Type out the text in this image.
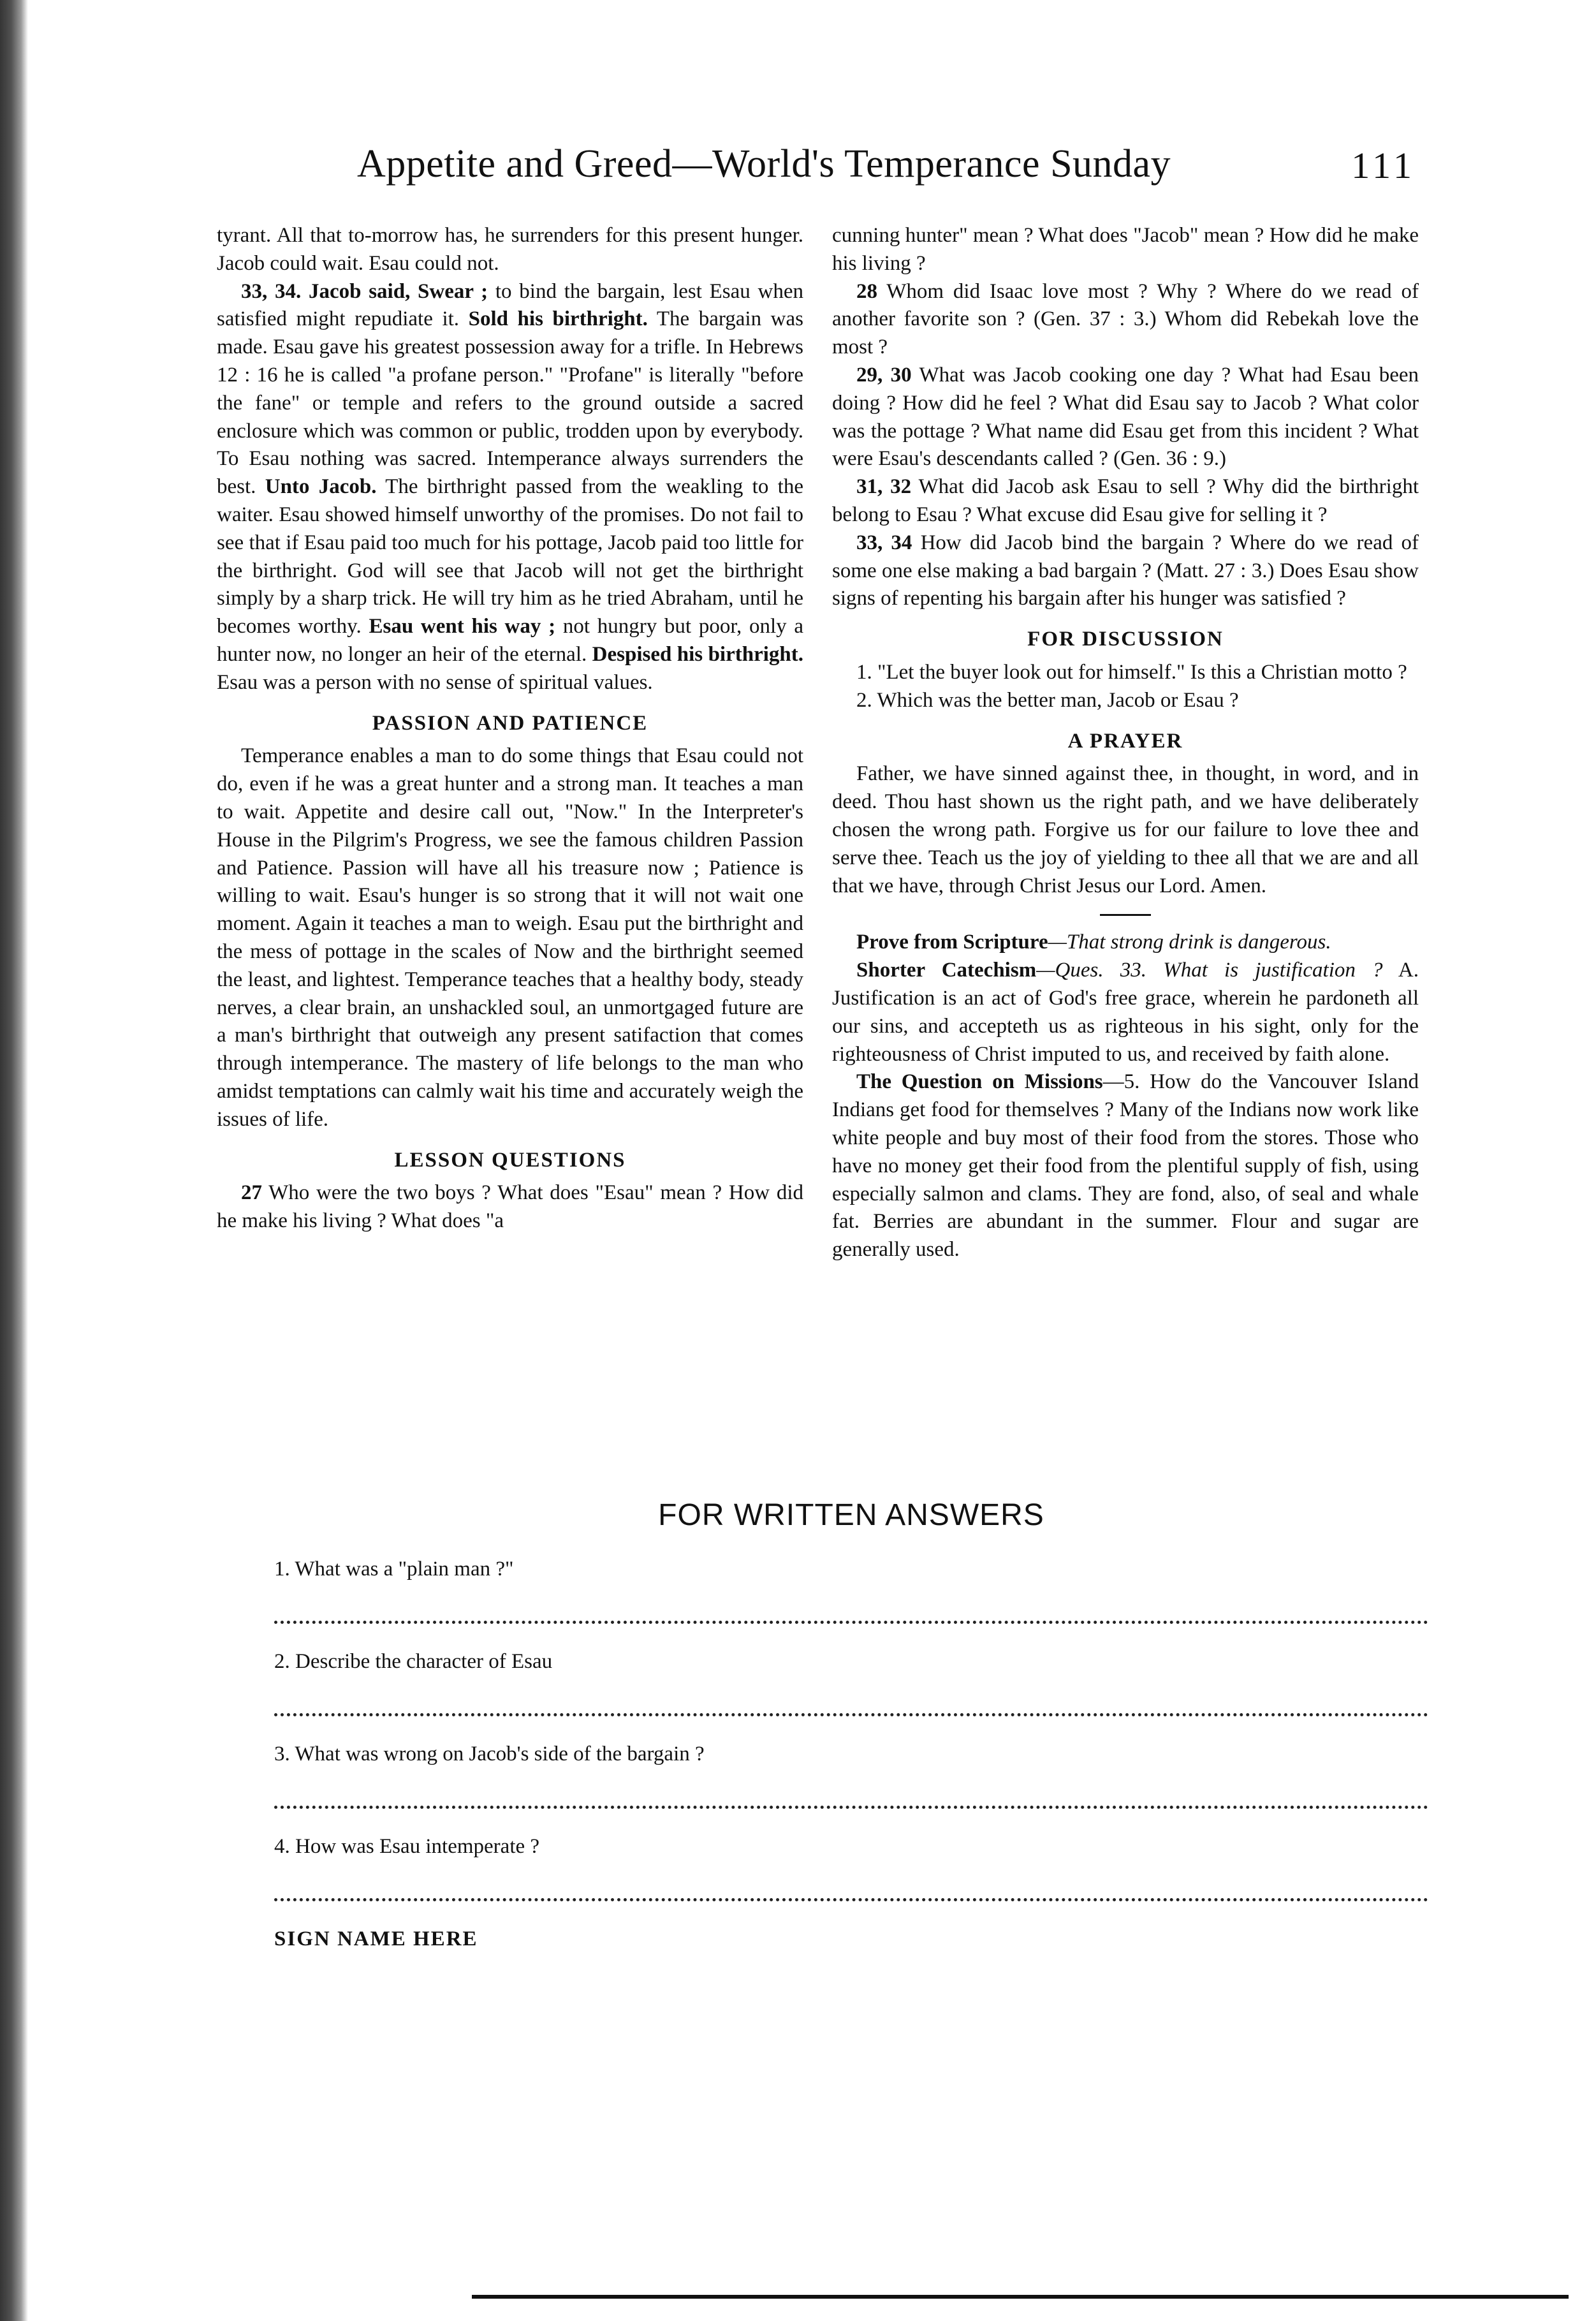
Appetite and Greed—World's Temperance Sunday	111

tyrant. All that to-morrow has, he surrenders for this present hunger. Jacob could wait. Esau could not.

33, 34. Jacob said, Swear ; to bind the bargain, lest Esau when satisfied might repudiate it. Sold his birthright. The bargain was made. Esau gave his greatest possession away for a trifle. In Hebrews 12 : 16 he is called "a profane person." "Profane" is literally "before the fane" or temple and refers to the ground outside a sacred enclosure which was common or public, trodden upon by everybody. To Esau nothing was sacred. Intemperance always surrenders the best. Unto Jacob. The birthright passed from the weakling to the waiter. Esau showed himself unworthy of the promises. Do not fail to see that if Esau paid too much for his pottage, Jacob paid too little for the birthright. God will see that Jacob will not get the birthright simply by a sharp trick. He will try him as he tried Abraham, until he becomes worthy. Esau went his way ; not hungry but poor, only a hunter now, no longer an heir of the eternal. Despised his birthright. Esau was a person with no sense of spiritual values.

PASSION AND PATIENCE

Temperance enables a man to do some things that Esau could not do, even if he was a great hunter and a strong man. It teaches a man to wait. Appetite and desire call out, "Now." In the Interpreter's House in the Pilgrim's Progress, we see the famous children Passion and Patience. Passion will have all his treasure now ; Patience is willing to wait. Esau's hunger is so strong that it will not wait one moment. Again it teaches a man to weigh. Esau put the birthright and the mess of pottage in the scales of Now and the birthright seemed the least, and lightest. Temperance teaches that a healthy body, steady nerves, a clear brain, an unshackled soul, an unmortgaged future are a man's birthright that outweigh any present satifaction that comes through intemperance. The mastery of life belongs to the man who amidst temptations can calmly wait his time and accurately weigh the issues of life.

LESSON QUESTIONS

27 Who were the two boys ? What does "Esau" mean ? How did he make his living ? What does "a

cunning hunter" mean ? What does "Jacob" mean ? How did he make his living ?

28 Whom did Isaac love most ? Why ? Where do we read of another favorite son ? (Gen. 37 : 3.) Whom did Rebekah love the most ?

29, 30 What was Jacob cooking one day ? What had Esau been doing ? How did he feel ? What did Esau say to Jacob ? What color was the pottage ? What name did Esau get from this incident ? What were Esau's descendants called ? (Gen. 36 : 9.)

31, 32 What did Jacob ask Esau to sell ? Why did the birthright belong to Esau ? What excuse did Esau give for selling it ?

33, 34 How did Jacob bind the bargain ? Where do we read of some one else making a bad bargain ? (Matt. 27 : 3.) Does Esau show signs of repenting his bargain after his hunger was satisfied ?

FOR DISCUSSION

1. "Let the buyer look out for himself." Is this a Christian motto ?

2. Which was the better man, Jacob or Esau ?

A PRAYER

Father, we have sinned against thee, in thought, in word, and in deed. Thou hast shown us the right path, and we have deliberately chosen the wrong path. Forgive us for our failure to love thee and serve thee. Teach us the joy of yielding to thee all that we are and all that we have, through Christ Jesus our Lord. Amen.

Prove from Scripture—That strong drink is dangerous.

Shorter Catechism—Ques. 33. What is justification ? A. Justification is an act of God's free grace, wherein he pardoneth all our sins, and accepteth us as righteous in his sight, only for the righteousness of Christ imputed to us, and received by faith alone.

The Question on Missions—5. How do the Vancouver Island Indians get food for themselves ? Many of the Indians now work like white people and buy most of their food from the stores. Those who have no money get their food from the plentiful supply of fish, using especially salmon and clams. They are fond, also, of seal and whale fat. Berries are abundant in the summer. Flour and sugar are generally used.

FOR WRITTEN ANSWERS
1. What was a "plain man ?"
2. Describe the character of Esau
3. What was wrong on Jacob's side of the bargain ?
4. How was Esau intemperate ?
SIGN NAME HERE
